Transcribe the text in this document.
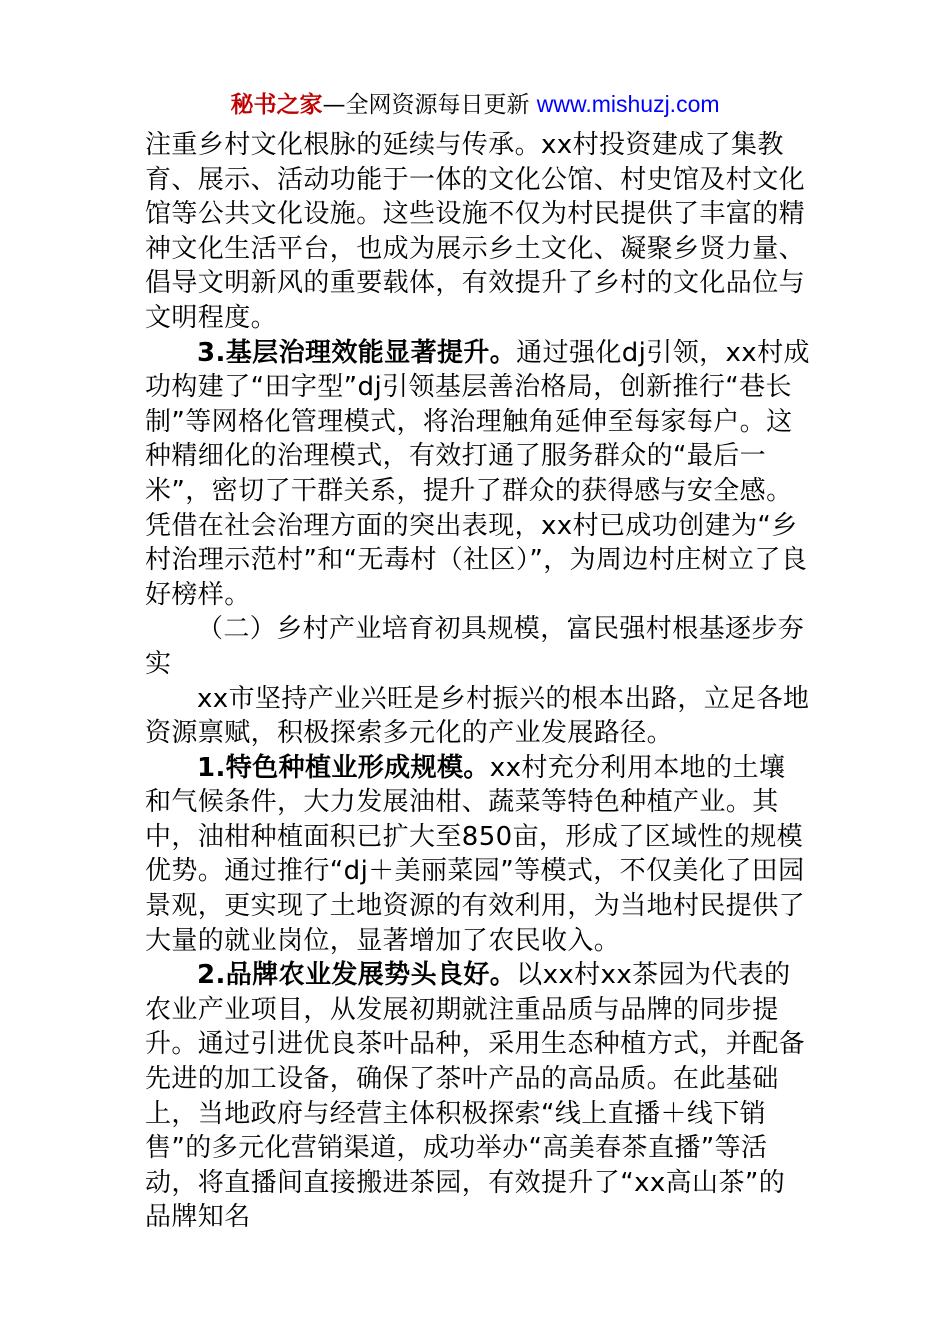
秘书之家—全网资源每日更新 www.mishuzj.com

注重乡村文化根脉的延续与传承。xx村投资建成了集教育、展示、活动功能于一体的文化公馆、村史馆及村文化馆等公共文化设施。这些设施不仅为村民提供了丰富的精神文化生活平台，也成为展示乡土文化、凝聚乡贤力量、倡导文明新风的重要载体，有效提升了乡村的文化品位与文明程度。

3.基层治理效能显著提升。通过强化dj引领，xx村成功构建了“田字型”dj引领基层善治格局，创新推行“巷长制”等网格化管理模式，将治理触角延伸至每家每户。这种精细化的治理模式，有效打通了服务群众的“最后一米”，密切了干群关系，提升了群众的获得感与安全感。凭借在社会治理方面的突出表现，xx村已成功创建为“乡村治理示范村”和“无毒村（社区）”，为周边村庄树立了良好榜样。

（二）乡村产业培育初具规模，富民强村根基逐步夯实

xx市坚持产业兴旺是乡村振兴的根本出路，立足各地资源禀赋，积极探索多元化的产业发展路径。

1.特色种植业形成规模。xx村充分利用本地的土壤和气候条件，大力发展油柑、蔬菜等特色种植产业。其中，油柑种植面积已扩大至850亩，形成了区域性的规模优势。通过推行“dj＋美丽菜园”等模式，不仅美化了田园景观，更实现了土地资源的有效利用，为当地村民提供了大量的就业岗位，显著增加了农民收入。

2.品牌农业发展势头良好。以xx村xx茶园为代表的农业产业项目，从发展初期就注重品质与品牌的同步提升。通过引进优良茶叶品种，采用生态种植方式，并配备先进的加工设备，确保了茶叶产品的高品质。在此基础上，当地政府与经营主体积极探索“线上直播＋线下销售”的多元化营销渠道，成功举办“高美春茶直播”等活动，将直播间直接搬进茶园，有效提升了“xx高山茶”的品牌知名
